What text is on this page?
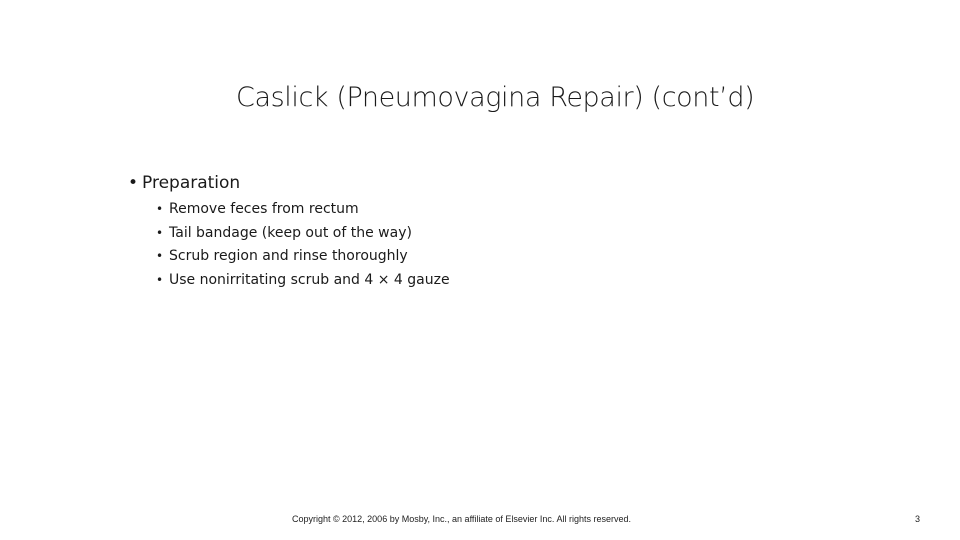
Caslick (Pneumovagina Repair) (cont’d)
• Preparation
• Remove feces from rectum
• Tail bandage (keep out of the way)
• Scrub region and rinse thoroughly
• Use nonirritating scrub and 4 × 4 gauze
Copyright © 2012, 2006 by Mosby, Inc., an affiliate of Elsevier Inc. All rights reserved.	3
